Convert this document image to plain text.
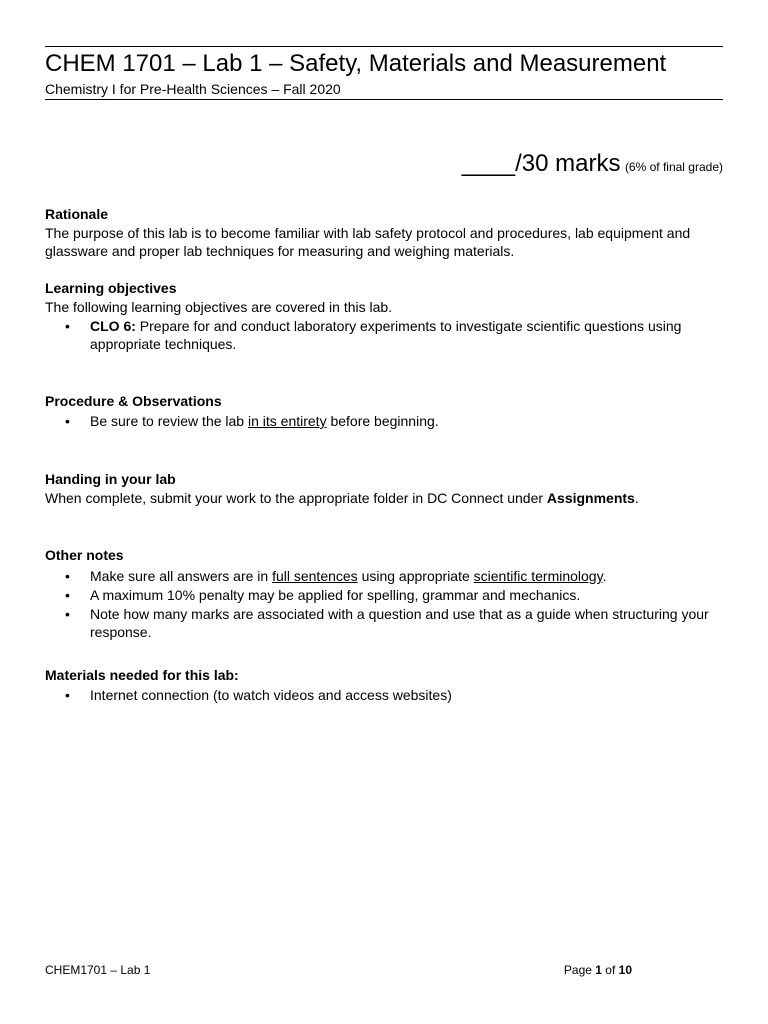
CHEM 1701 – Lab 1 – Safety, Materials and Measurement
Chemistry I for Pre-Health Sciences – Fall 2020
____/30 marks (6% of final grade)
Rationale
The purpose of this lab is to become familiar with lab safety protocol and procedures, lab equipment and glassware and proper lab techniques for measuring and weighing materials.
Learning objectives
The following learning objectives are covered in this lab.
• CLO 6: Prepare for and conduct laboratory experiments to investigate scientific questions using appropriate techniques.
Procedure & Observations
• Be sure to review the lab in its entirety before beginning.
Handing in your lab
When complete, submit your work to the appropriate folder in DC Connect under Assignments.
Other notes
• Make sure all answers are in full sentences using appropriate scientific terminology.
• A maximum 10% penalty may be applied for spelling, grammar and mechanics.
• Note how many marks are associated with a question and use that as a guide when structuring your response.
Materials needed for this lab:
• Internet connection (to watch videos and access websites)
CHEM1701 – Lab 1	Page 1 of 10
